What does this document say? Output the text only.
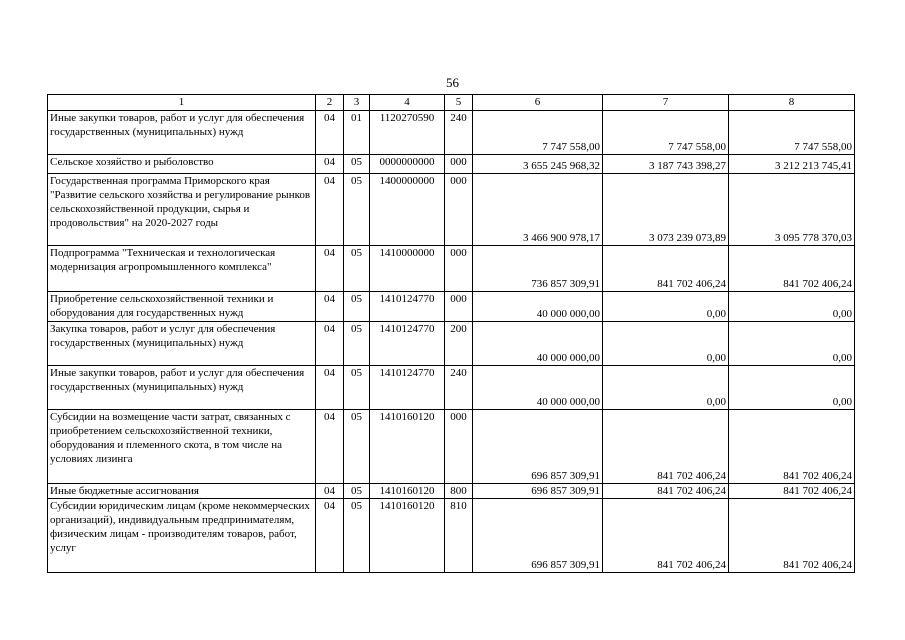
56
1	2	3	4	5	6	7	8
Иные закупки товаров, работ и услуг для обеспечения государственных (муниципальных) нужд	04	01	1120270590	240	7 747 558,00	7 747 558,00	7 747 558,00
Сельское хозяйство и рыболовство	04	05	0000000000	000	3 655 245 968,32	3 187 743 398,27	3 212 213 745,41
Государственная программа Приморского края "Развитие сельского хозяйства и регулирование рынков сельскохозяйственной продукции, сырья и продовольствия" на 2020-2027 годы	04	05	1400000000	000	3 466 900 978,17	3 073 239 073,89	3 095 778 370,03
Подпрограмма "Техническая и технологическая модернизация агропромышленного комплекса"	04	05	1410000000	000	736 857 309,91	841 702 406,24	841 702 406,24
Приобретение сельскохозяйственной техники и оборудования для государственных нужд	04	05	1410124770	000	40 000 000,00	0,00	0,00
Закупка товаров, работ и услуг для обеспечения государственных (муниципальных) нужд	04	05	1410124770	200	40 000 000,00	0,00	0,00
Иные закупки товаров, работ и услуг для обеспечения государственных (муниципальных) нужд	04	05	1410124770	240	40 000 000,00	0,00	0,00
Субсидии на возмещение части затрат, связанных с приобретением сельскохозяйственной техники, оборудования и племенного скота, в том числе на условиях лизинга	04	05	1410160120	000	696 857 309,91	841 702 406,24	841 702 406,24
Иные бюджетные ассигнования	04	05	1410160120	800	696 857 309,91	841 702 406,24	841 702 406,24
Субсидии юридическим лицам (кроме некоммерческих организаций), индивидуальным предпринимателям, физическим лицам - производителям товаров, работ, услуг	04	05	1410160120	810	696 857 309,91	841 702 406,24	841 702 406,24
